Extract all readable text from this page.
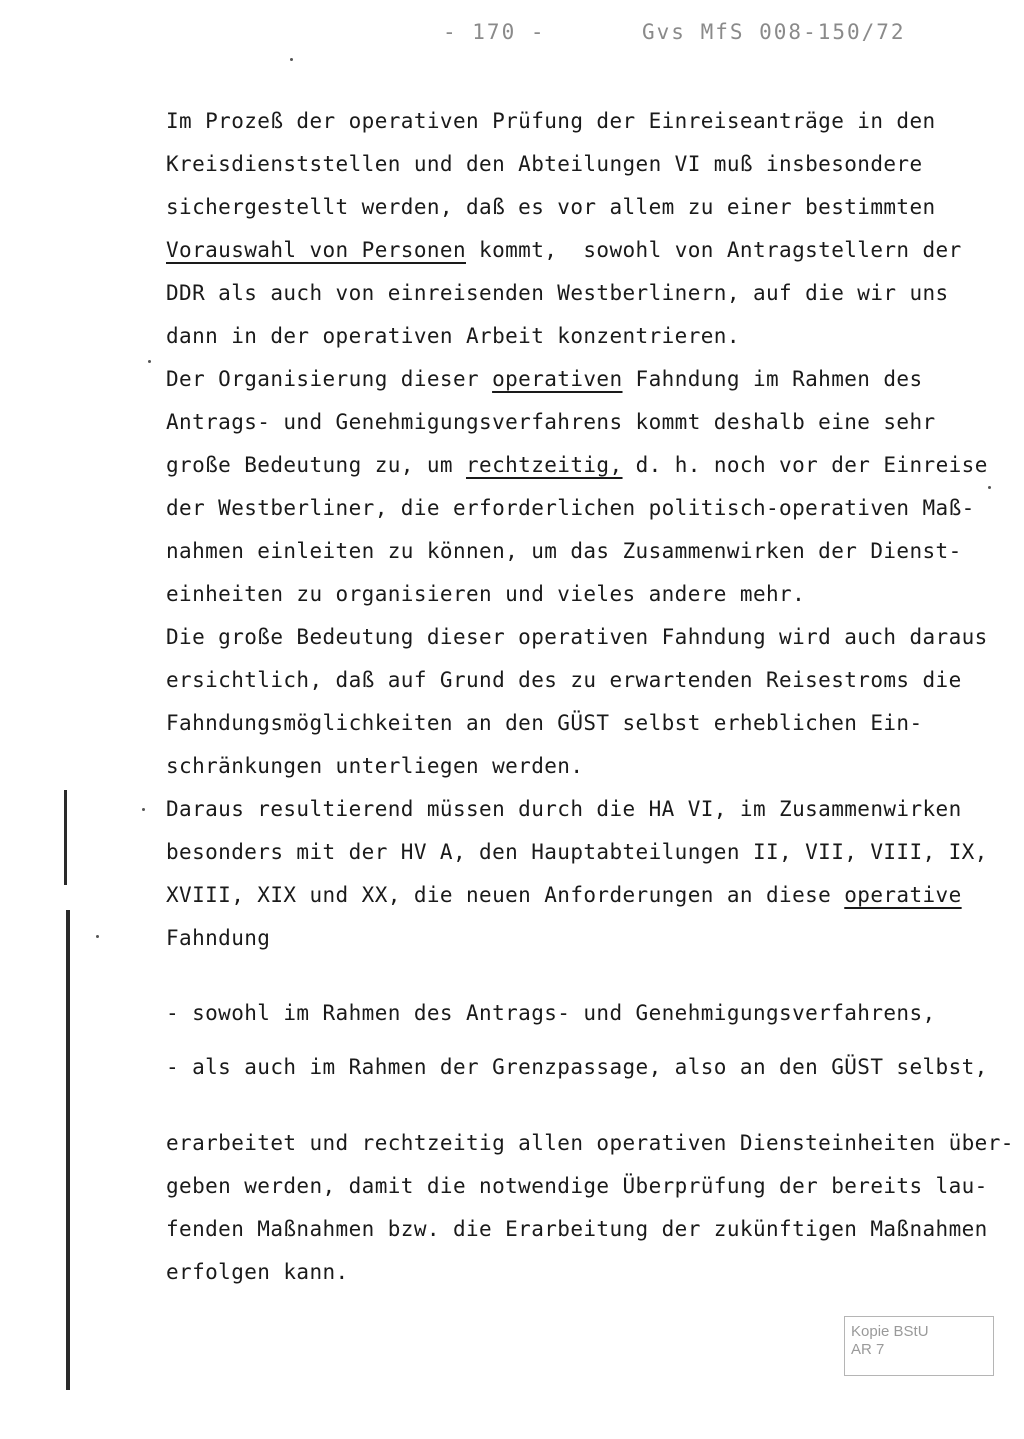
- 170 -	Gvs MfS 008-150/72
Im Prozeß der operativen Prüfung der Einreiseanträge in den
Kreisdienststellen und den Abteilungen VI muß insbesondere
sichergestellt werden, daß es vor allem zu einer bestimmten
Vorauswahl von Personen kommt,  sowohl von Antragstellern der
DDR als auch von einreisenden Westberlinern, auf die wir uns
dann in der operativen Arbeit konzentrieren.
Der Organisierung dieser operativen Fahndung im Rahmen des
Antrags- und Genehmigungsverfahrens kommt deshalb eine sehr
große Bedeutung zu, um rechtzeitig, d. h. noch vor der Einreise
der Westberliner, die erforderlichen politisch-operativen Maß-
nahmen einleiten zu können, um das Zusammenwirken der Dienst-
einheiten zu organisieren und vieles andere mehr.
Die große Bedeutung dieser operativen Fahndung wird auch daraus
ersichtlich, daß auf Grund des zu erwartenden Reisestroms die
Fahndungsmöglichkeiten an den GÜST selbst erheblichen Ein-
schränkungen unterliegen werden.
Daraus resultierend müssen durch die HA VI, im Zusammenwirken
besonders mit der HV A, den Hauptabteilungen II, VII, VIII, IX,
XVIII, XIX und XX, die neuen Anforderungen an diese operative
Fahndung
- sowohl im Rahmen des Antrags- und Genehmigungsverfahrens,
- als auch im Rahmen der Grenzpassage, also an den GÜST selbst,
erarbeitet und rechtzeitig allen operativen Diensteinheiten über-
geben werden, damit die notwendige Überprüfung der bereits lau-
fenden Maßnahmen bzw. die Erarbeitung der zukünftigen Maßnahmen
erfolgen kann.
Kopie BStU
AR 7
